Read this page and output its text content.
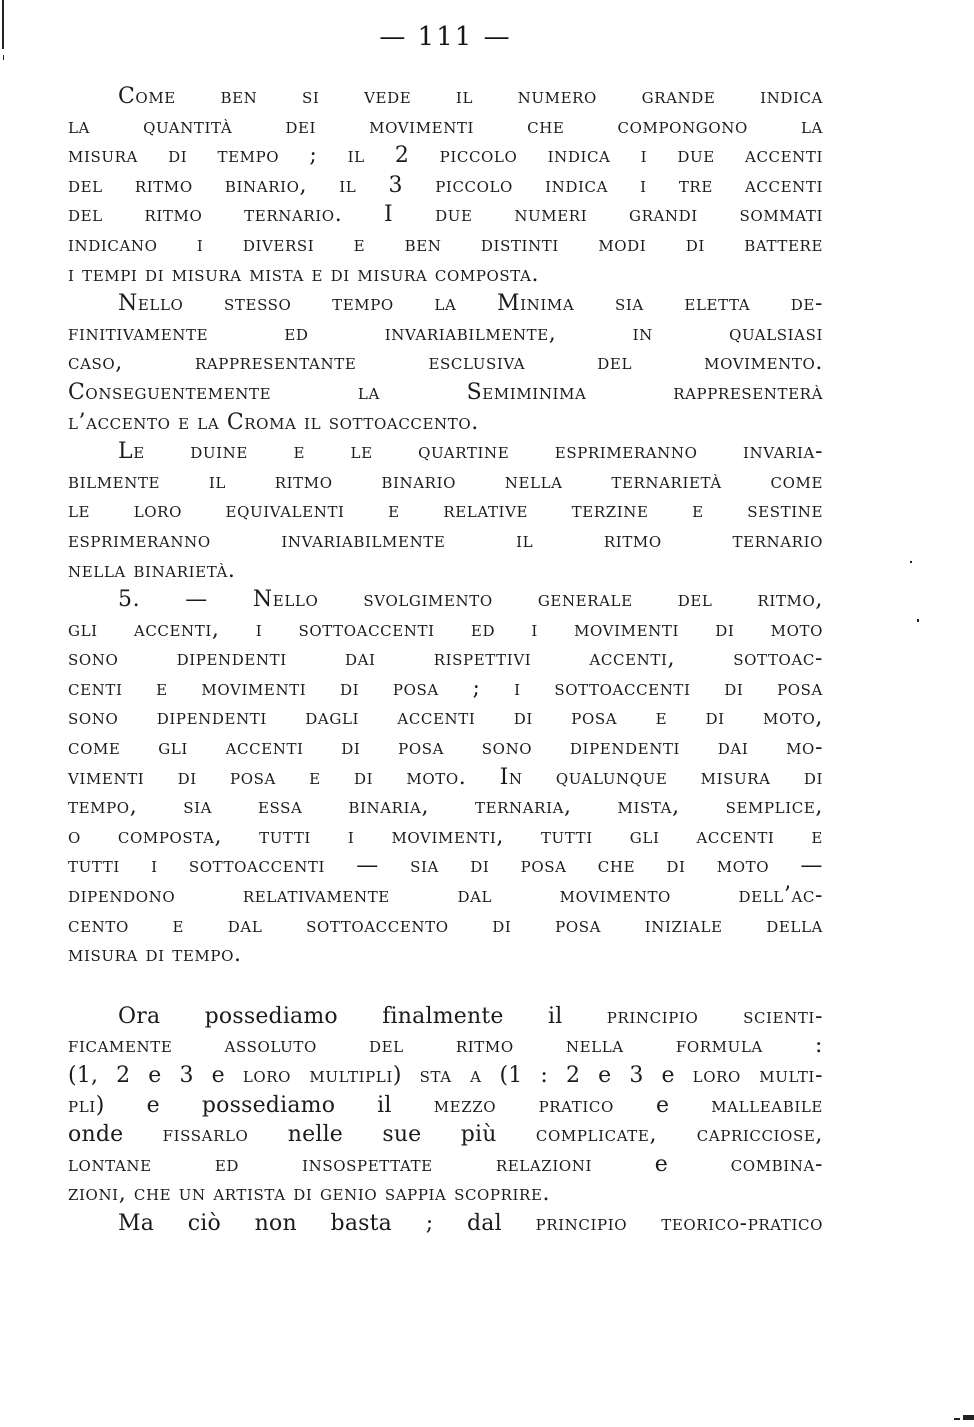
— 111 —
Come ben si vede il numero grande indica
la quantità dei movimenti che compongono la
misura di tempo ; il 2 piccolo indica i due accenti
del ritmo binario, il 3 piccolo indica i tre accenti
del ritmo ternario. I due numeri grandi sommati
indicano i diversi e ben distinti modi di battere
i tempi di misura mista e di misura composta.
Nello stesso tempo la Minima sia eletta de-
finitivamente ed invariabilmente, in qualsiasi
caso, rappresentante esclusiva del movimento.
Conseguentemente la Semiminima rappresenterà
l’accento e la Croma il sottoaccento.
Le duine e le quartine esprimeranno invaria-
bilmente il ritmo binario nella ternarietà come
le loro equivalenti e relative terzine e sestine
esprimeranno invariabilmente il ritmo ternario
nella binarietà.
5. — Nello svolgimento generale del ritmo,
gli accenti, i sottoaccenti ed i movimenti di moto
sono dipendenti dai rispettivi accenti, sottoac-
centi e movimenti di posa ; i sottoaccenti di posa
sono dipendenti dagli accenti di posa e di moto,
come gli accenti di posa sono dipendenti dai mo-
vimenti di posa e di moto. In qualunque misura di
tempo, sia essa binaria, ternaria, mista, semplice,
o composta, tutti i movimenti, tutti gli accenti e
tutti i sottoaccenti — sia di posa che di moto —
dipendono relativamente dal movimento dell’ac-
cento e dal sottoaccento di posa iniziale della
misura di tempo.
Ora possediamo finalmente il principio scienti-
ficamente assoluto del ritmo nella formula :
(1, 2 e 3 e loro multipli) sta a (1 : 2 e 3 e loro multi-
pli) e possediamo il mezzo pratico e malleabile
onde fissarlo nelle sue più complicate, capricciose,
lontane ed insospettate relazioni e combina-
zioni, che un artista di genio sappia scoprire.
Ma ciò non basta ; dal principio teorico-pratico
